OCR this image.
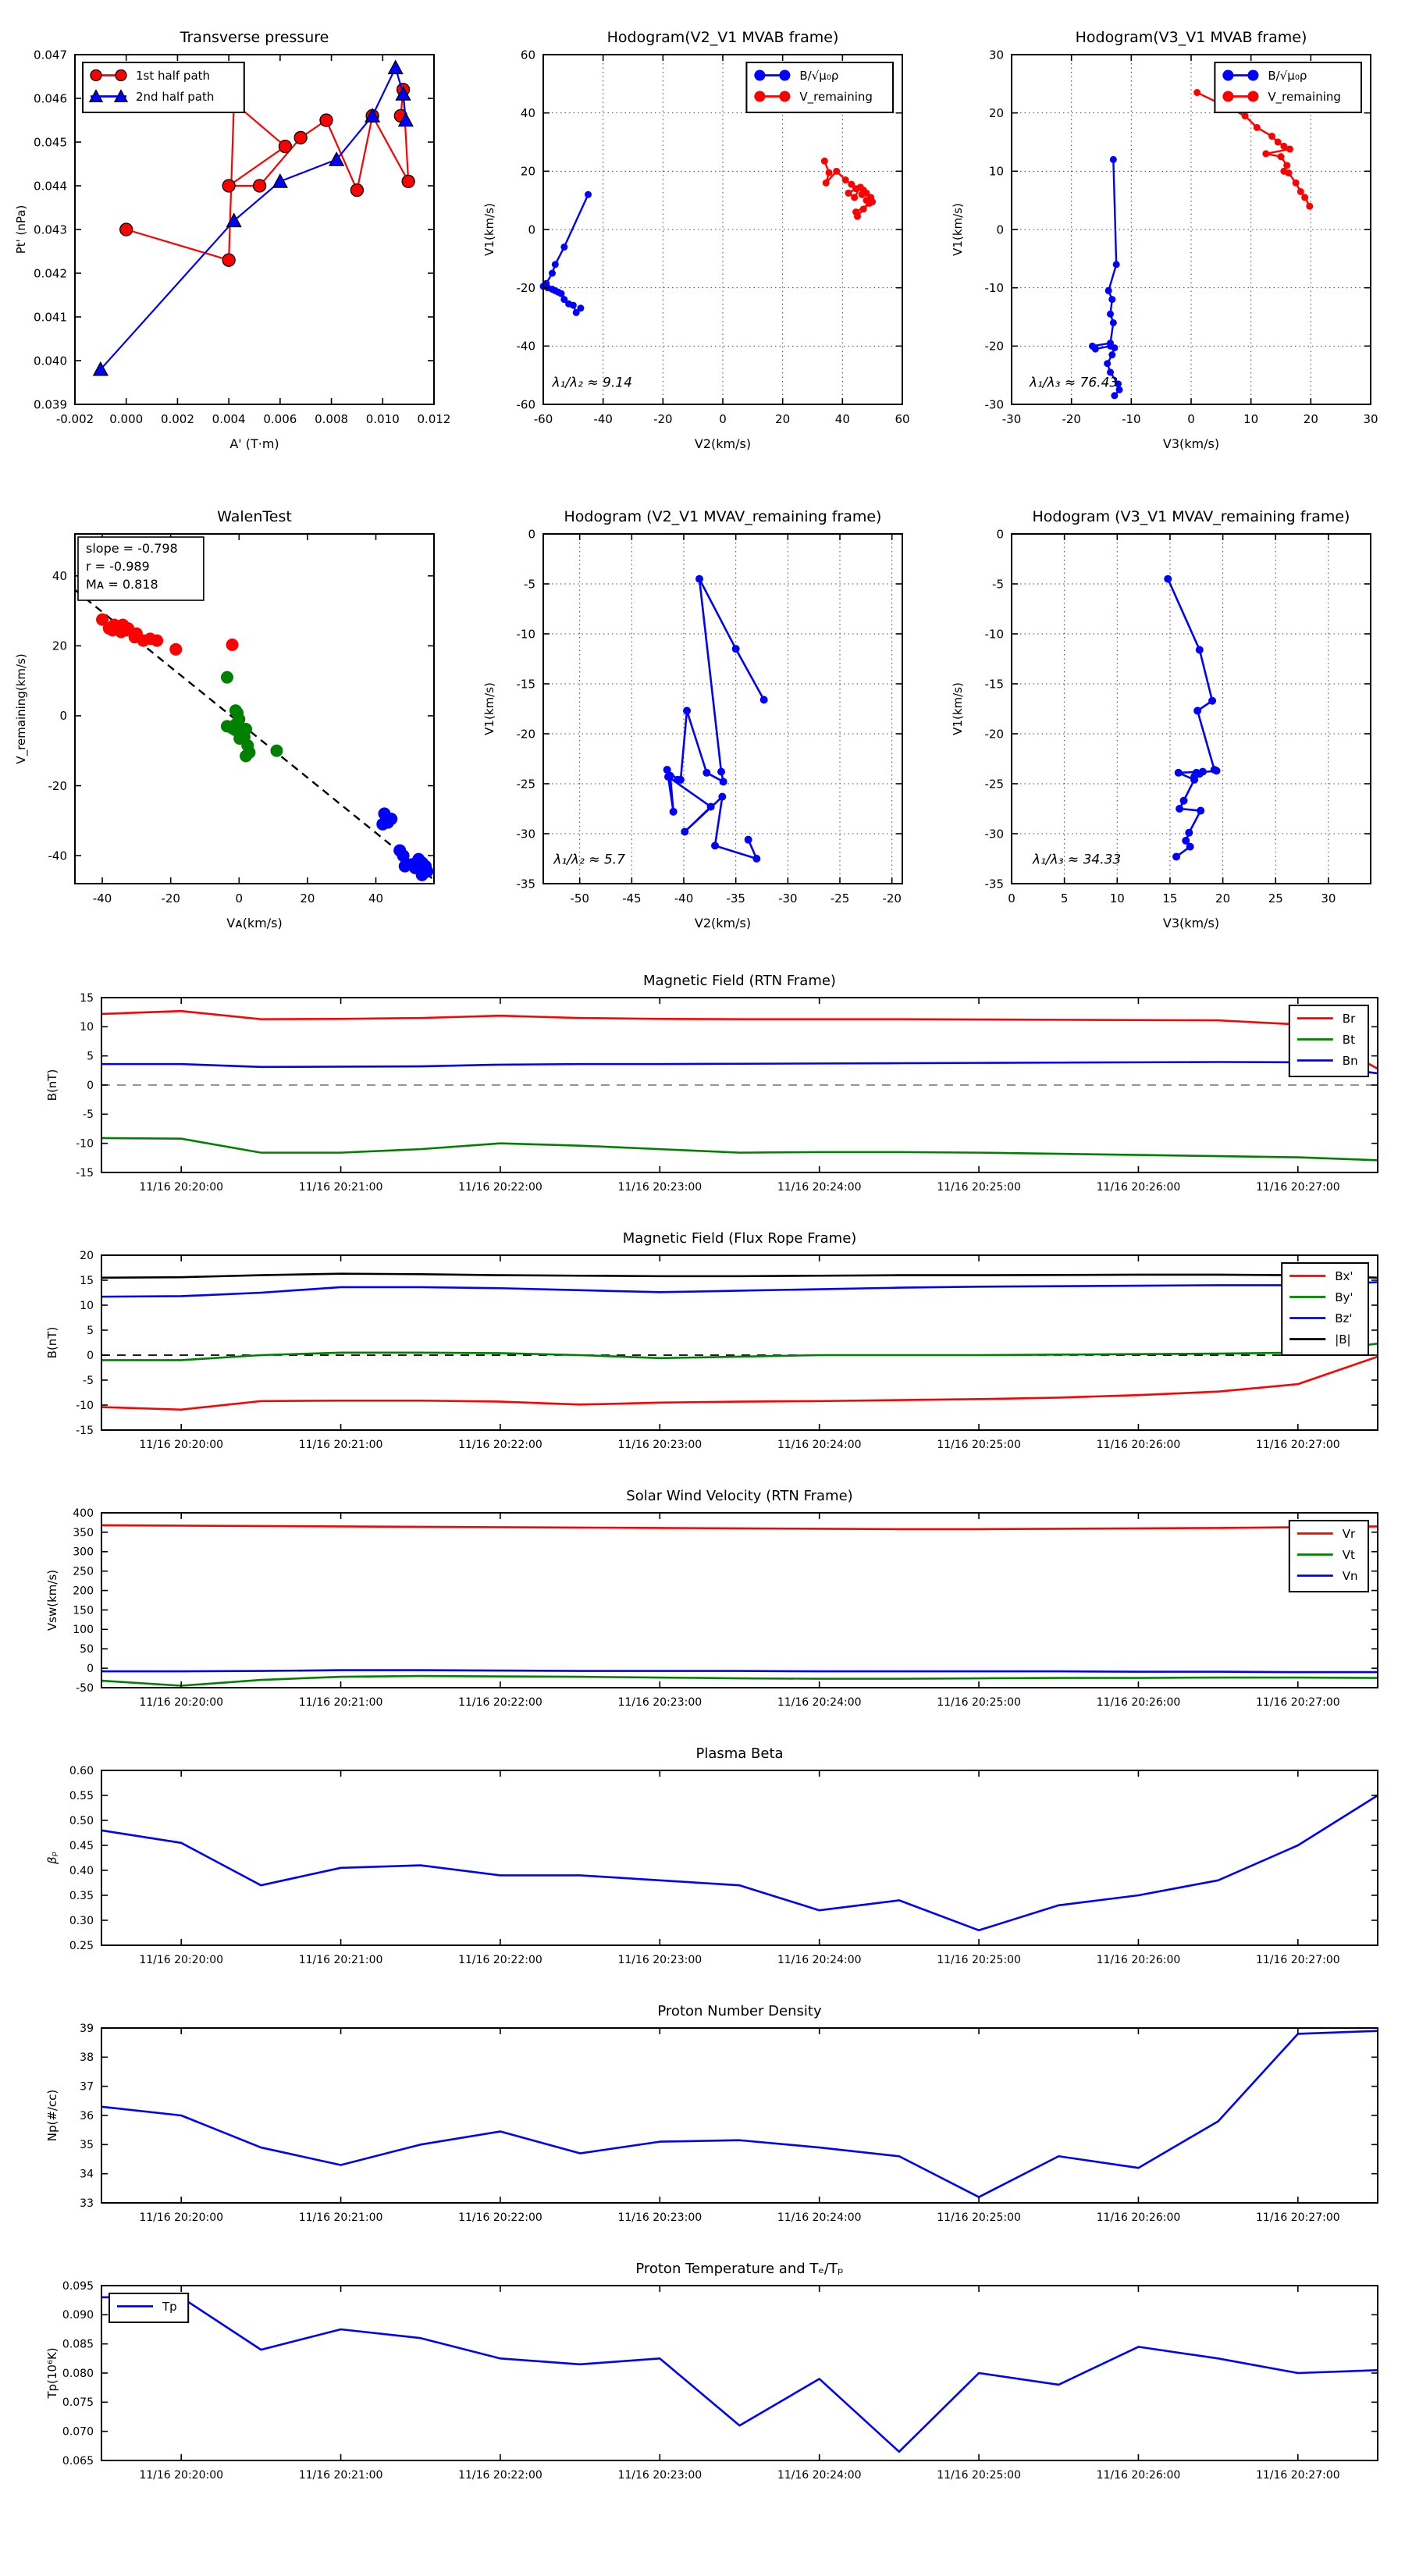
-0.002 0.000 0.002 0.004 0.006 0.008 0.010 0.012
0.039
0.040
0.041
0.042
0.043
0.044
0.045
0.046
0.047
Transverse pressure
A' (T·m)
Pt' (nPa)
1st half path
2nd half path
-60	-40	-20	0	20	40	60
-60
-40
-20
0
20
40
60
Hodogram(V2_V1 MVAB frame)
V2(km/s)
V1(km/s)
B/√μ₀ρ
V_remaining
λ₁/λ₂ ≈ 9.14
-30	-20	-10	0	10	20	30
-30
-20
-10
0
10
20
30
Hodogram(V3_V1 MVAB frame)
V3(km/s)
V1(km/s)
B/√μ₀ρ
V_remaining
λ₁/λ₃ ≈ 76.43
-40	-20	0	20	40
-40
-20
0
20
40
WalenTest
Vᴀ(km/s)
V_remaining(km/s)
slope = -0.798
r = -0.989
Mᴀ = 0.818
-50	-45	-40	-35	-30	-25	-20
-35
-30
-25
-20
-15
-10
-5
0
Hodogram (V2_V1 MVAV_remaining frame)
V2(km/s)
V1(km/s)
λ₁/λ₂ ≈ 5.7
0	5	10	15	20	25	30
-35
-30
-25
-20
-15
-10
-5
0
Hodogram (V3_V1 MVAV_remaining frame)
V3(km/s)
V1(km/s)
λ₁/λ₃ ≈ 34.33
11/16 20:20:00	11/16 20:21:00	11/16 20:22:00	11/16 20:23:00	11/16 20:24:00	11/16 20:25:00	11/16 20:26:00	11/16 20:27:00
-15
-10
-5
0
5
10
15
Magnetic Field (RTN Frame)
B(nT)
Br
Bt
Bn
11/16 20:20:00	11/16 20:21:00	11/16 20:22:00	11/16 20:23:00	11/16 20:24:00	11/16 20:25:00	11/16 20:26:00	11/16 20:27:00
-15
-10
-5
0
5
10
15
20
Magnetic Field (Flux Rope Frame)
B(nT)
Bx'
By'
Bz'
|B|
11/16 20:20:00	11/16 20:21:00	11/16 20:22:00	11/16 20:23:00	11/16 20:24:00	11/16 20:25:00	11/16 20:26:00	11/16 20:27:00
-50
0
50
100
150
200
250
300
350
400
Solar Wind Velocity (RTN Frame)
Vsw(km/s)
Vr
Vt
Vn
11/16 20:20:00	11/16 20:21:00	11/16 20:22:00	11/16 20:23:00	11/16 20:24:00	11/16 20:25:00	11/16 20:26:00	11/16 20:27:00
0.25
0.30
0.35
0.40
0.45
0.50
0.55
0.60
Plasma Beta
βₚ
11/16 20:20:00	11/16 20:21:00	11/16 20:22:00	11/16 20:23:00	11/16 20:24:00	11/16 20:25:00	11/16 20:26:00	11/16 20:27:00
33
34
35
36
37
38
39
Proton Number Density
Np(#/cc)
11/16 20:20:00	11/16 20:21:00	11/16 20:22:00	11/16 20:23:00	11/16 20:24:00	11/16 20:25:00	11/16 20:26:00	11/16 20:27:00
0.065
0.070
0.075
0.080
0.085
0.090
0.095
Proton Temperature and Tₑ/Tₚ
Tp(10⁶K)
Tp
